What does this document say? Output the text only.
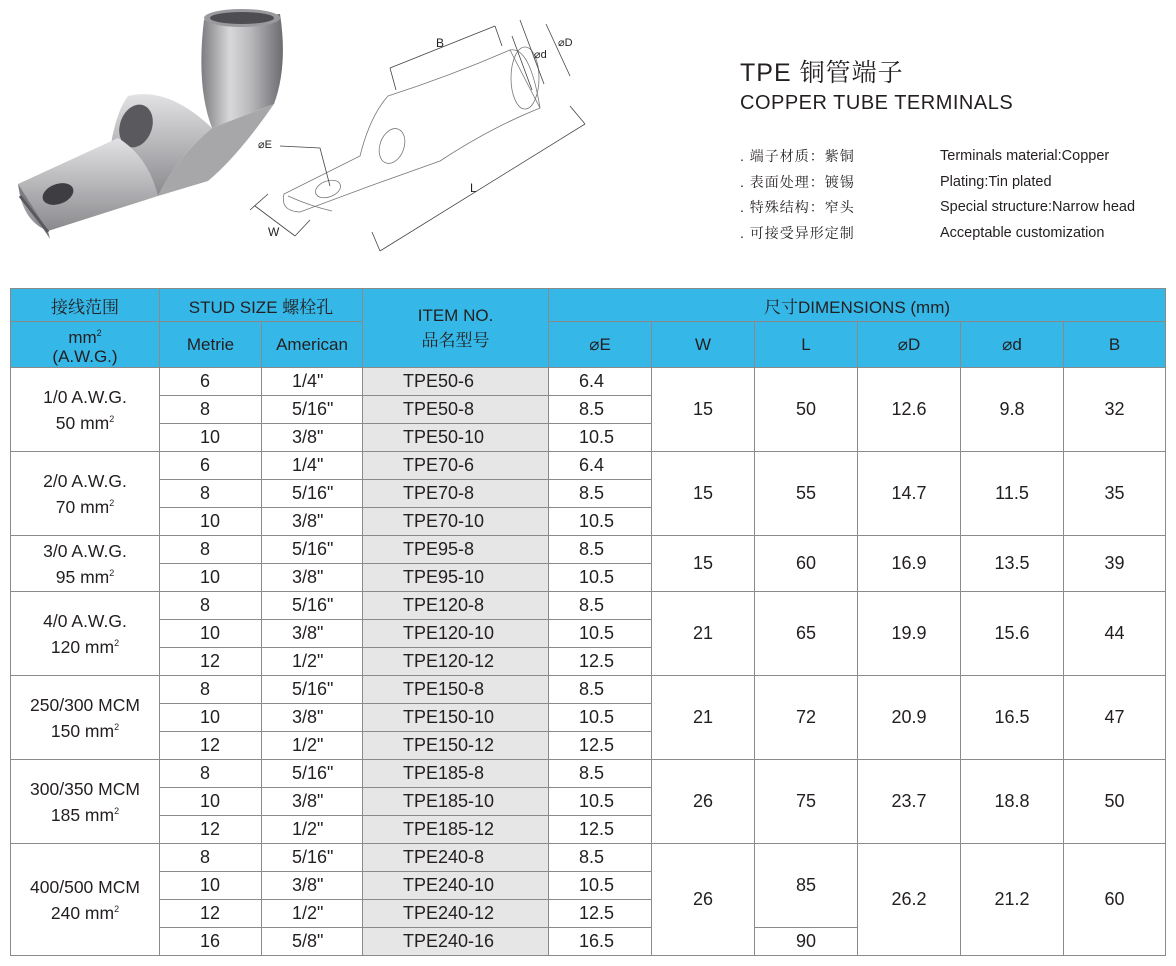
B
⌀d
⌀D
⌀E
L
W
TPE 铜管端子
COPPER TUBE TERMINALS
. 端子材质：紫铜	Terminals material:Copper
. 表面处理：镀锡	Plating:Tin plated
. 特殊结构：窄头	Special structure:Narrow head
. 可接受异形定制	Acceptable customization
接线范围	STUD SIZE 螺栓孔		ITEM NO.
品名型号	尺寸DIMENSIONS (mm)					

$mm^2$
(A.W.G.)	Metrie	American		⌀E	W	L	⌀D	⌀d	B

1/0 A.W.G.
50 $mm^2$	6	1/4"	TPE50-6	6.4	15	50	12.6	9.8	32
	8	5/16"	TPE50-8	8.5					
	10	3/8"	TPE50-10	10.5					

2/0 A.W.G.
70 $mm^2$	6	1/4"	TPE70-6	6.4	15	55	14.7	11.5	35
	8	5/16"	TPE70-8	8.5					
	10	3/8"	TPE70-10	10.5					

3/0 A.W.G.
95 $mm^2$	8	5/16"	TPE95-8	8.5	15	60	16.9	13.5	39
	10	3/8"	TPE95-10	10.5					

4/0 A.W.G.
120 $mm^2$	8	5/16"	TPE120-8	8.5	21	65	19.9	15.6	44
	10	3/8"	TPE120-10	10.5					
	12	1/2"	TPE120-12	12.5					

250/300 MCM
150 $mm^2$	8	5/16"	TPE150-8	8.5	21	72	20.9	16.5	47
	10	3/8"	TPE150-10	10.5					
	12	1/2"	TPE150-12	12.5					

300/350 MCM
185 $mm^2$	8	5/16"	TPE185-8	8.5	26	75	23.7	18.8	50
	10	3/8"	TPE185-10	10.5					
	12	1/2"	TPE185-12	12.5					

400/500 MCM
240 $mm^2$	8	5/16"	TPE240-8	8.5	26	85	26.2	21.2	60
	10	3/8"	TPE240-10	10.5					
	12	1/2"	TPE240-12	12.5					
	16	5/8"	TPE240-16	16.5		90			
